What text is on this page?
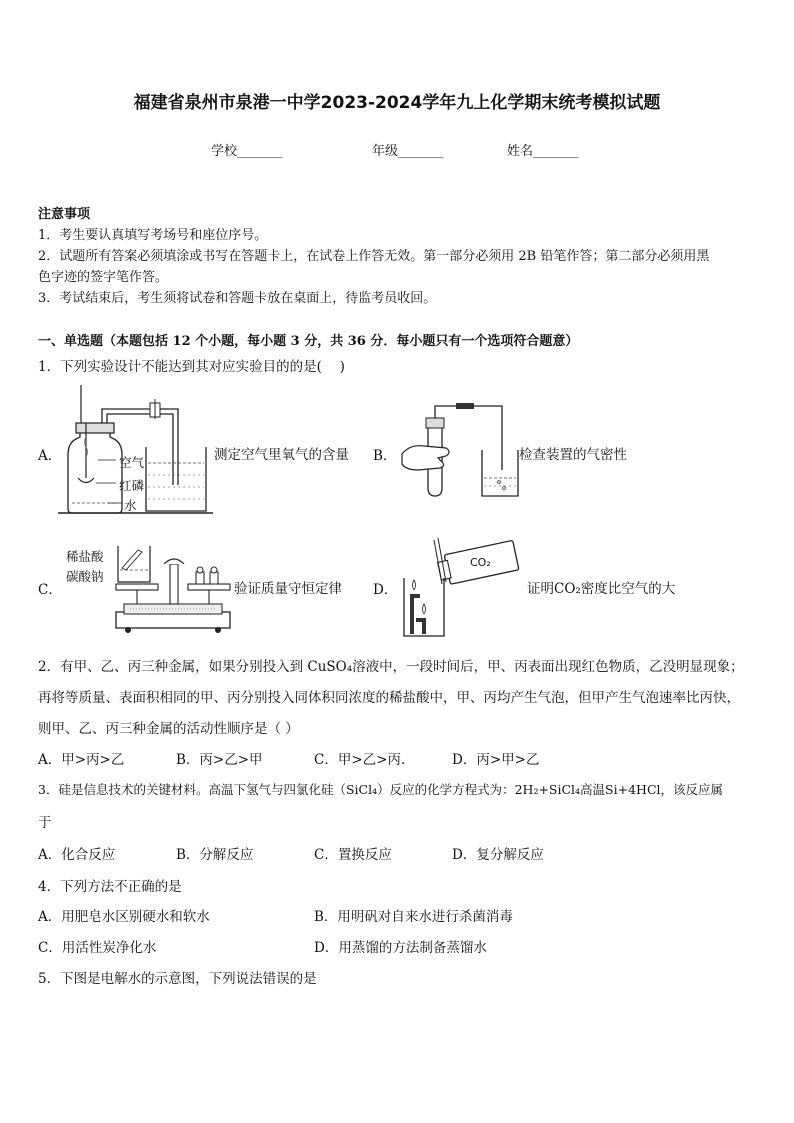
福建省泉州市泉港一中学2023-2024学年九上化学期末统考模拟试题
学校_______	年级_______	姓名_______
注意事项
1．考生要认真填写考场号和座位序号。
2．试题所有答案必须填涂或书写在答题卡上，在试卷上作答无效。第一部分必须用 2B 铅笔作答；第二部分必须用黑
色字迹的签字笔作答。
3．考试结束后，考生须将试卷和答题卡放在桌面上，待监考员收回。
一、单选题（本题包括 12 个小题，每小题 3 分，共 36 分．每小题只有一个选项符合题意）
1．下列实验设计不能达到其对应实验目的的是(　 )
A．	空气
红磷
水
测定空气里氧气的含量 B．	检查装置的气密性
C．
稀盐酸
碳酸钠
验证质量守恒定律 D．
CO₂
证明CO₂密度比空气的大
2．有甲、乙、丙三种金属，如果分别投入到 CuSO₄溶液中，一段时间后，甲、丙表面出现红色物质，乙没明显现象；
再将等质量、表面积相同的甲、丙分别投入同体积同浓度的稀盐酸中，甲、丙均产生气泡，但甲产生气泡速率比丙快，
则甲、乙、丙三种金属的活动性顺序是（ ）
A．甲>丙>乙	B．丙>乙>甲	C．甲>乙>丙.	D．丙>甲>乙
3．硅是信息技术的关键材料。高温下氢气与四氯化硅（SiCl₄）反应的化学方程式为：2H₂+SiCl₄高温Si+4HCl，该反应属
于
A．化合反应	B．分解反应	C．置换反应	D．复分解反应
4．下列方法不正确的是
A．用肥皂水区别硬水和软水	B．用明矾对自来水进行杀菌消毒
C．用活性炭净化水	D．用蒸馏的方法制备蒸馏水
5．下图是电解水的示意图，下列说法错误的是
